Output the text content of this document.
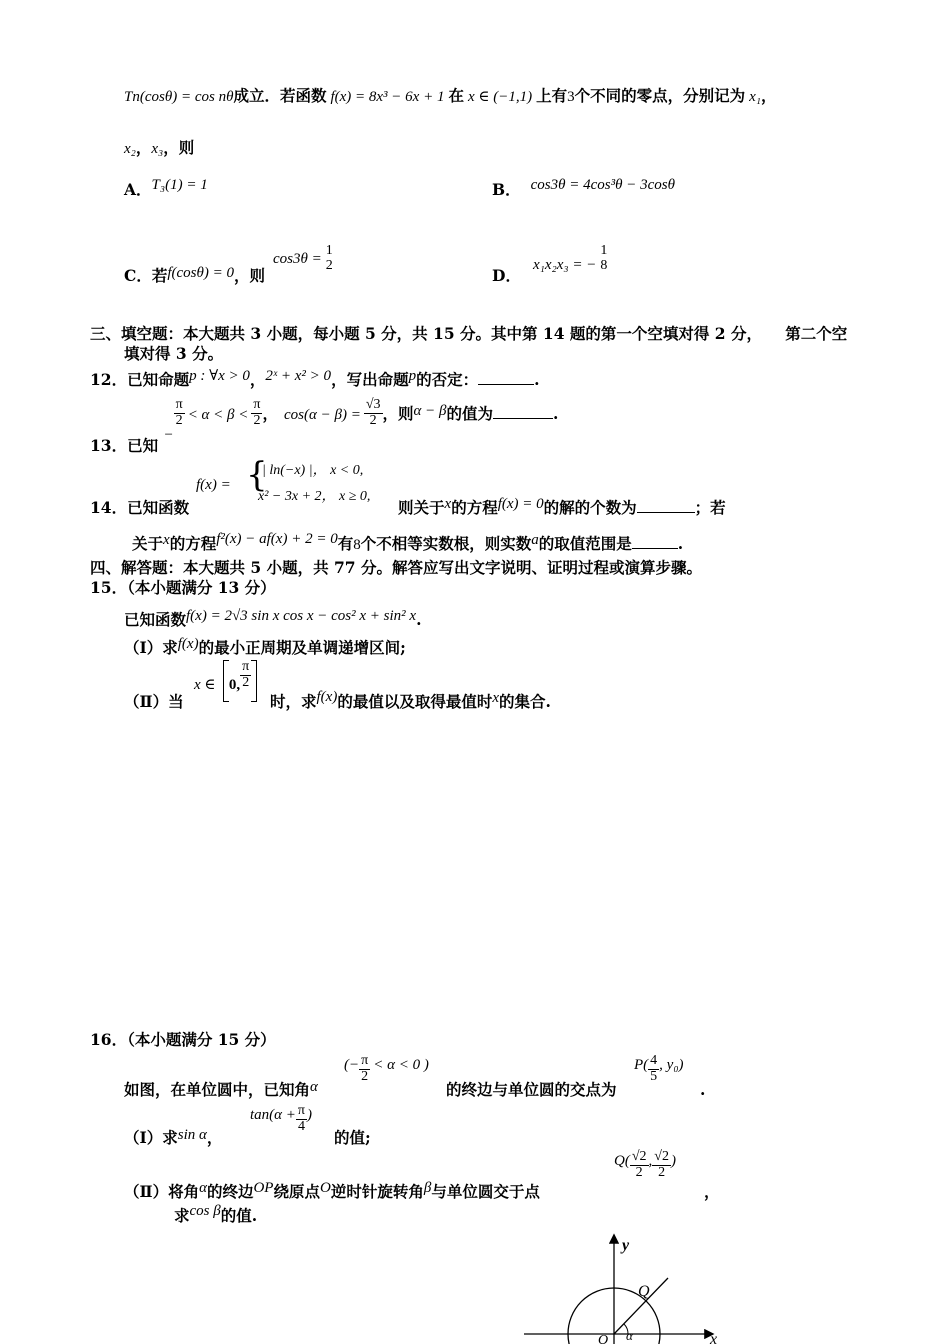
Tn(cosθ) = cos nθ成立．若函数 f(x) = 8x³ − 6x + 1 在 x ∈ (−1,1) 上有3个不同的零点，分别记为 x₁，
x₂，x₃，则
A．T₃(1) = 1	B． cos3θ = 4cos³θ − 3cosθ
C．若f(cosθ) = 0，则cos3θ =
1
2
D．x₁x₂x₃ = −
1
8
三、填空题：本大题共 3 小题，每小题 5 分，共 15 分。其中第 14 题的第一个空填对得 2 分，　　第二个空
填对得 3 分。
12．已知命题p : ∀x > 0，2ˣ + x² > 0，写出命题p的否定：	.
13．已知 −
$\frac{\pi}{2} < \alpha < \beta < \frac{\pi}{2}$ ， $\cos(\alpha - \beta) = \frac{√3}{2}$ ，则α − β的值为	.
14．已知函数
f(x) = {
| ln(−x) |， x < 0,
x² − 3x + 2， x ≥ 0,
则关于x的方程f(x) = 0的解的个数为	；若
关于x的方程f²(x) − af(x) + 2 = 0有8个不相等实数根，则实数a的取值范围是	.
四、解答题：本大题共 5 小题，共 77 分。解答应写出文字说明、证明过程或演算步骤。
15．（本小题满分 13 分）
已知函数f(x) = 2√3 sin x cos x − cos² x + sin² x.
（Ⅰ）求f(x)的最小正周期及单调递增区间;
（Ⅱ）当
x ∈ 0, $\frac{\pi}{2}$
时，求f(x)的最值以及取得最值时x的集合.
16．（本小题满分 15 分）
如图，在单位圆中，已知角α
(− $\frac{\pi}{2} < \alpha < 0$ )
的终边与单位圆的交点为
$P( \frac{4}{5}$ , y₀)
.
（Ⅰ）求sin α，
$\tan(\alpha + \frac{\pi}{4}$ )
的值;
（Ⅱ）将角α的终边OP绕原点O逆时针旋转角β与单位圆交于点
$Q( \frac{√2}{2}$ , $\frac{√2}{2}$ )
，
求cos β的值.
y
x
Q
O α
